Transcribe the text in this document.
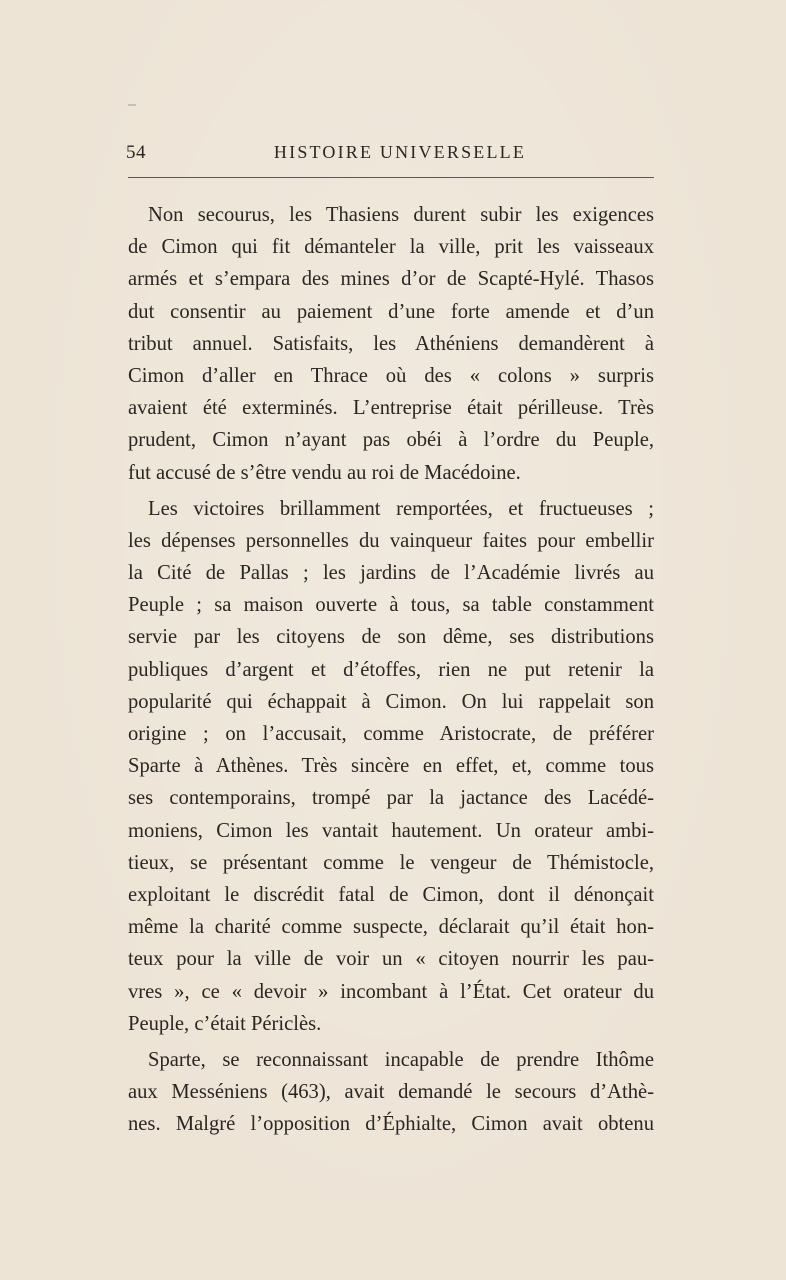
54	HISTOIRE UNIVERSELLE
Non secourus, les Thasiens durent subir les exigences
de Cimon qui fit démanteler la ville, prit les vaisseaux
armés et s’empara des mines d’or de Scapté-Hylé. Thasos
dut consentir au paiement d’une forte amende et d’un
tribut annuel. Satisfaits, les Athéniens demandèrent à
Cimon d’aller en Thrace où des « colons » surpris
avaient été exterminés. L’entreprise était périlleuse. Très
prudent, Cimon n’ayant pas obéi à l’ordre du Peuple,
fut accusé de s’être vendu au roi de Macédoine.
Les victoires brillamment remportées, et fructueuses ;
les dépenses personnelles du vainqueur faites pour embellir
la Cité de Pallas ; les jardins de l’Académie livrés au
Peuple ; sa maison ouverte à tous, sa table constamment
servie par les citoyens de son dême, ses distributions
publiques d’argent et d’étoffes, rien ne put retenir la
popularité qui échappait à Cimon. On lui rappelait son
origine ; on l’accusait, comme Aristocrate, de préférer
Sparte à Athènes. Très sincère en effet, et, comme tous
ses contemporains, trompé par la jactance des Lacédé-
moniens, Cimon les vantait hautement. Un orateur ambi-
tieux, se présentant comme le vengeur de Thémistocle,
exploitant le discrédit fatal de Cimon, dont il dénonçait
même la charité comme suspecte, déclarait qu’il était hon-
teux pour la ville de voir un « citoyen nourrir les pau-
vres », ce « devoir » incombant à l’État. Cet orateur du
Peuple, c’était Périclès.
Sparte, se reconnaissant incapable de prendre Ithôme
aux Messéniens (463), avait demandé le secours d’Athè-
nes. Malgré l’opposition d’Éphialte, Cimon avait obtenu
